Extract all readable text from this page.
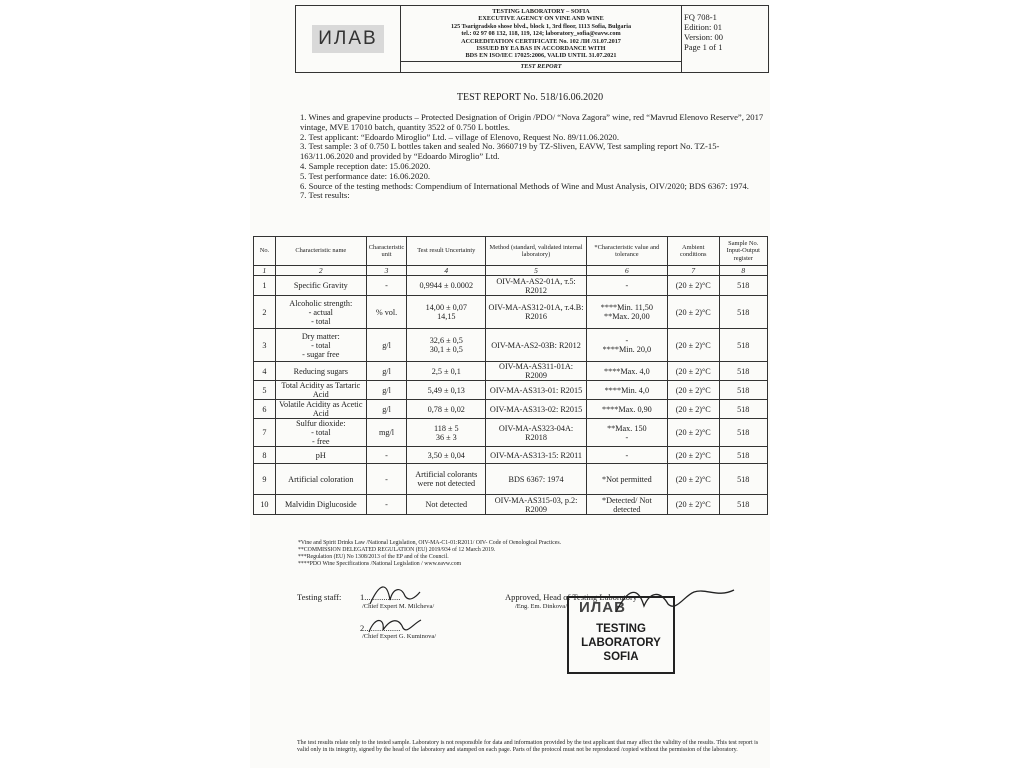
ИЛАВ
TESTING LABORATORY – SOFIA
EXECUTIVE AGENCY ON VINE AND WINE
125 Tsarigradsko shose blvd., block 1, 3rd floor, 1113 Sofia, Bulgaria
tel.: 02 97 08 132, 118, 119, 124; laboratory_sofia@eavw.com
ACCREDITATION CERTIFICATE No. 102 ЛИ /31.07.2017
ISSUED BY EA BAS IN ACCORDANCE WITH
BDS EN ISO/IEC 17025:2006, VALID UNTIL 31.07.2021
TEST REPORT
FQ 708-1
Edition: 01
Version: 00
Page 1 of 1
TEST REPORT No. 518/16.06.2020
1. Wines and grapevine products – Protected Designation of Origin /PDO/ “Nova Zagora” wine, red “Mavrud Elenovo Reserve”, 2017 vintage, MVE 17010 batch, quantity 3522 of 0.750 L bottles.
2. Test applicant: “Edoardo Miroglio” Ltd. – village of Elenovo, Request No. 89/11.06.2020.
3. Test sample: 3 of 0.750 L bottles taken and sealed No. 3660719 by TZ-Sliven, EAVW, Test sampling report No. TZ-15-163/11.06.2020 and provided by “Edoardo Miroglio” Ltd.
4. Sample reception date: 15.06.2020.
5. Test performance date: 16.06.2020.
6. Source of the testing methods: Compendium of International Methods of Wine and Must Analysis, OIV/2020; BDS 6367: 1974.
7. Test results:
No.	Characteristic name	Characteristic unit	Test result Uncertainty	Method (standard, validated internal laboratory)	*Characteristic value and tolerance	Ambient conditions	Sample No. Input-Output register
1	2	3	4	5	6	7	8
1	Specific Gravity	-	0,9944 ± 0.0002	OIV-MA-AS2-01A, т.5: R2012	-	(20 ± 2)°C	518
2	Alcoholic strength:
- actual
- total	% vol.	14,00 ± 0,07
14,15	OIV-MA-AS312-01A, т.4.B: R2016	****Min. 11,50
**Max. 20,00	(20 ± 2)°C	518
3	Dry matter:
- total
- sugar free	g/l	32,6 ± 0,5
30,1 ± 0,5	OIV-MA-AS2-03B: R2012	-
****Min. 20,0	(20 ± 2)°C	518
4	Reducing sugars	g/l	2,5 ± 0,1	OIV-MA-AS311-01A: R2009	****Max. 4,0	(20 ± 2)°C	518
5	Total Acidity as Tartaric Acid	g/l	5,49 ± 0,13	OIV-MA-AS313-01: R2015	****Min. 4,0	(20 ± 2)°C	518
6	Volatile Acidity as Acetic Acid	g/l	0,78 ± 0,02	OIV-MA-AS313-02: R2015	****Max. 0,90	(20 ± 2)°C	518
7	Sulfur dioxide:
- total
- free	mg/l	118 ± 5
36 ± 3	OIV-MA-AS323-04A: R2018	**Max. 150
-	(20 ± 2)°C	518
8	pH	-	3,50 ± 0,04	OIV-MA-AS313-15: R2011	-	(20 ± 2)°C	518
9	Artificial coloration	-	Artificial colorants were not detected	BDS 6367: 1974	*Not permitted	(20 ± 2)°C	518
10	Malvidin Diglucoside	-	Not detected	OIV-MA-AS315-03, p.2: R2009	*Detected/ Not detected	(20 ± 2)°C	518
*Vine and Spirit Drinks Law /National Legislation, OIV-MA-C1-01:R2011/ OIV- Code of Oenological Practices.
**COMMISSION DELEGATED REGULATION (EU) 2019/934 of 12 March 2019.
***Regulation (EU) No 1308/2013 of the EP and of the Council.
****PDO Wine Specifications /National Legislation / www.eavw.com
Testing staff: 1.................
/Chief Expert M. Milcheva/
2.................
/Chief Expert G. Kuminova/
Approved, Head of Testing Laboratory
/Eng. Em. Dinkova/ ИЛАВ
TESTING
LABORATORY
SOFIA
The test results relate only to the tested sample. Laboratory is not responsible for data and information provided by the test applicant that may affect the validity of the results. This test report is valid only in its integrity, signed by the head of the laboratory and stamped on each page. Parts of the protocol must not be reproduced /copied without the permission of the laboratory.
